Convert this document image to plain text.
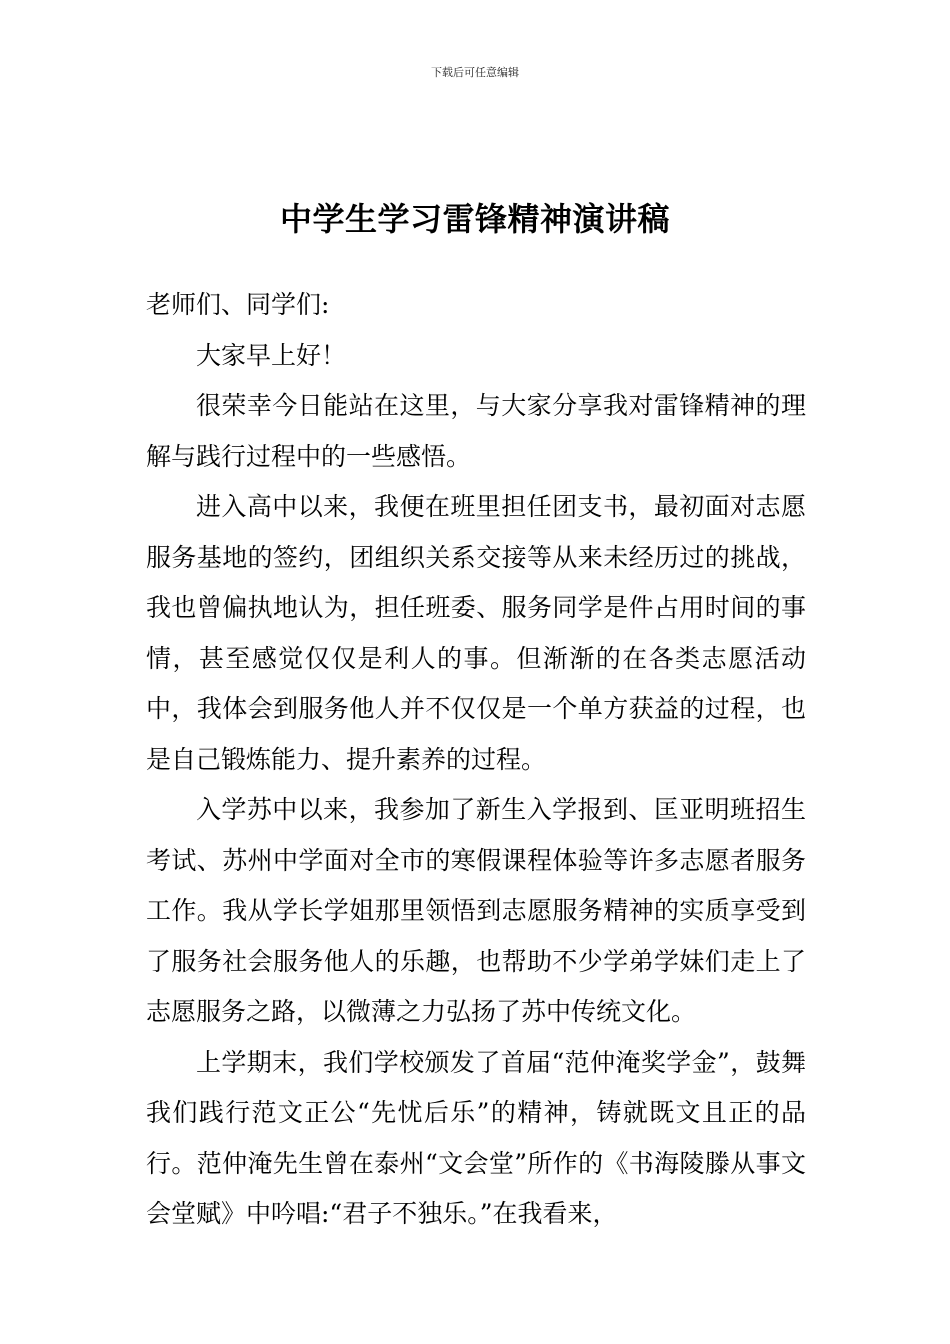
下载后可任意编辑
中学生学习雷锋精神演讲稿

老师们、同学们:

大家早上好！

很荣幸今日能站在这里，与大家分享我对雷锋精神的理解与践行过程中的一些感悟。

进入高中以来，我便在班里担任团支书，最初面对志愿服务基地的签约，团组织关系交接等从来未经历过的挑战，我也曾偏执地认为，担任班委、服务同学是件占用时间的事情，甚至感觉仅仅是利人的事。但渐渐的在各类志愿活动中，我体会到服务他人并不仅仅是一个单方获益的过程，也是自己锻炼能力、提升素养的过程。

入学苏中以来，我参加了新生入学报到、匡亚明班招生考试、苏州中学面对全市的寒假课程体验等许多志愿者服务工作。我从学长学姐那里领悟到志愿服务精神的实质享受到了服务社会服务他人的乐趣，也帮助不少学弟学妹们走上了志愿服务之路，以微薄之力弘扬了苏中传统文化。

上学期末，我们学校颁发了首届“范仲淹奖学金”，鼓舞我们践行范文正公“先忧后乐”的精神，铸就既文且正的品行。范仲淹先生曾在泰州“文会堂”所作的《书海陵滕从事文会堂赋》中吟唱:“君子不独乐。”在我看来，
